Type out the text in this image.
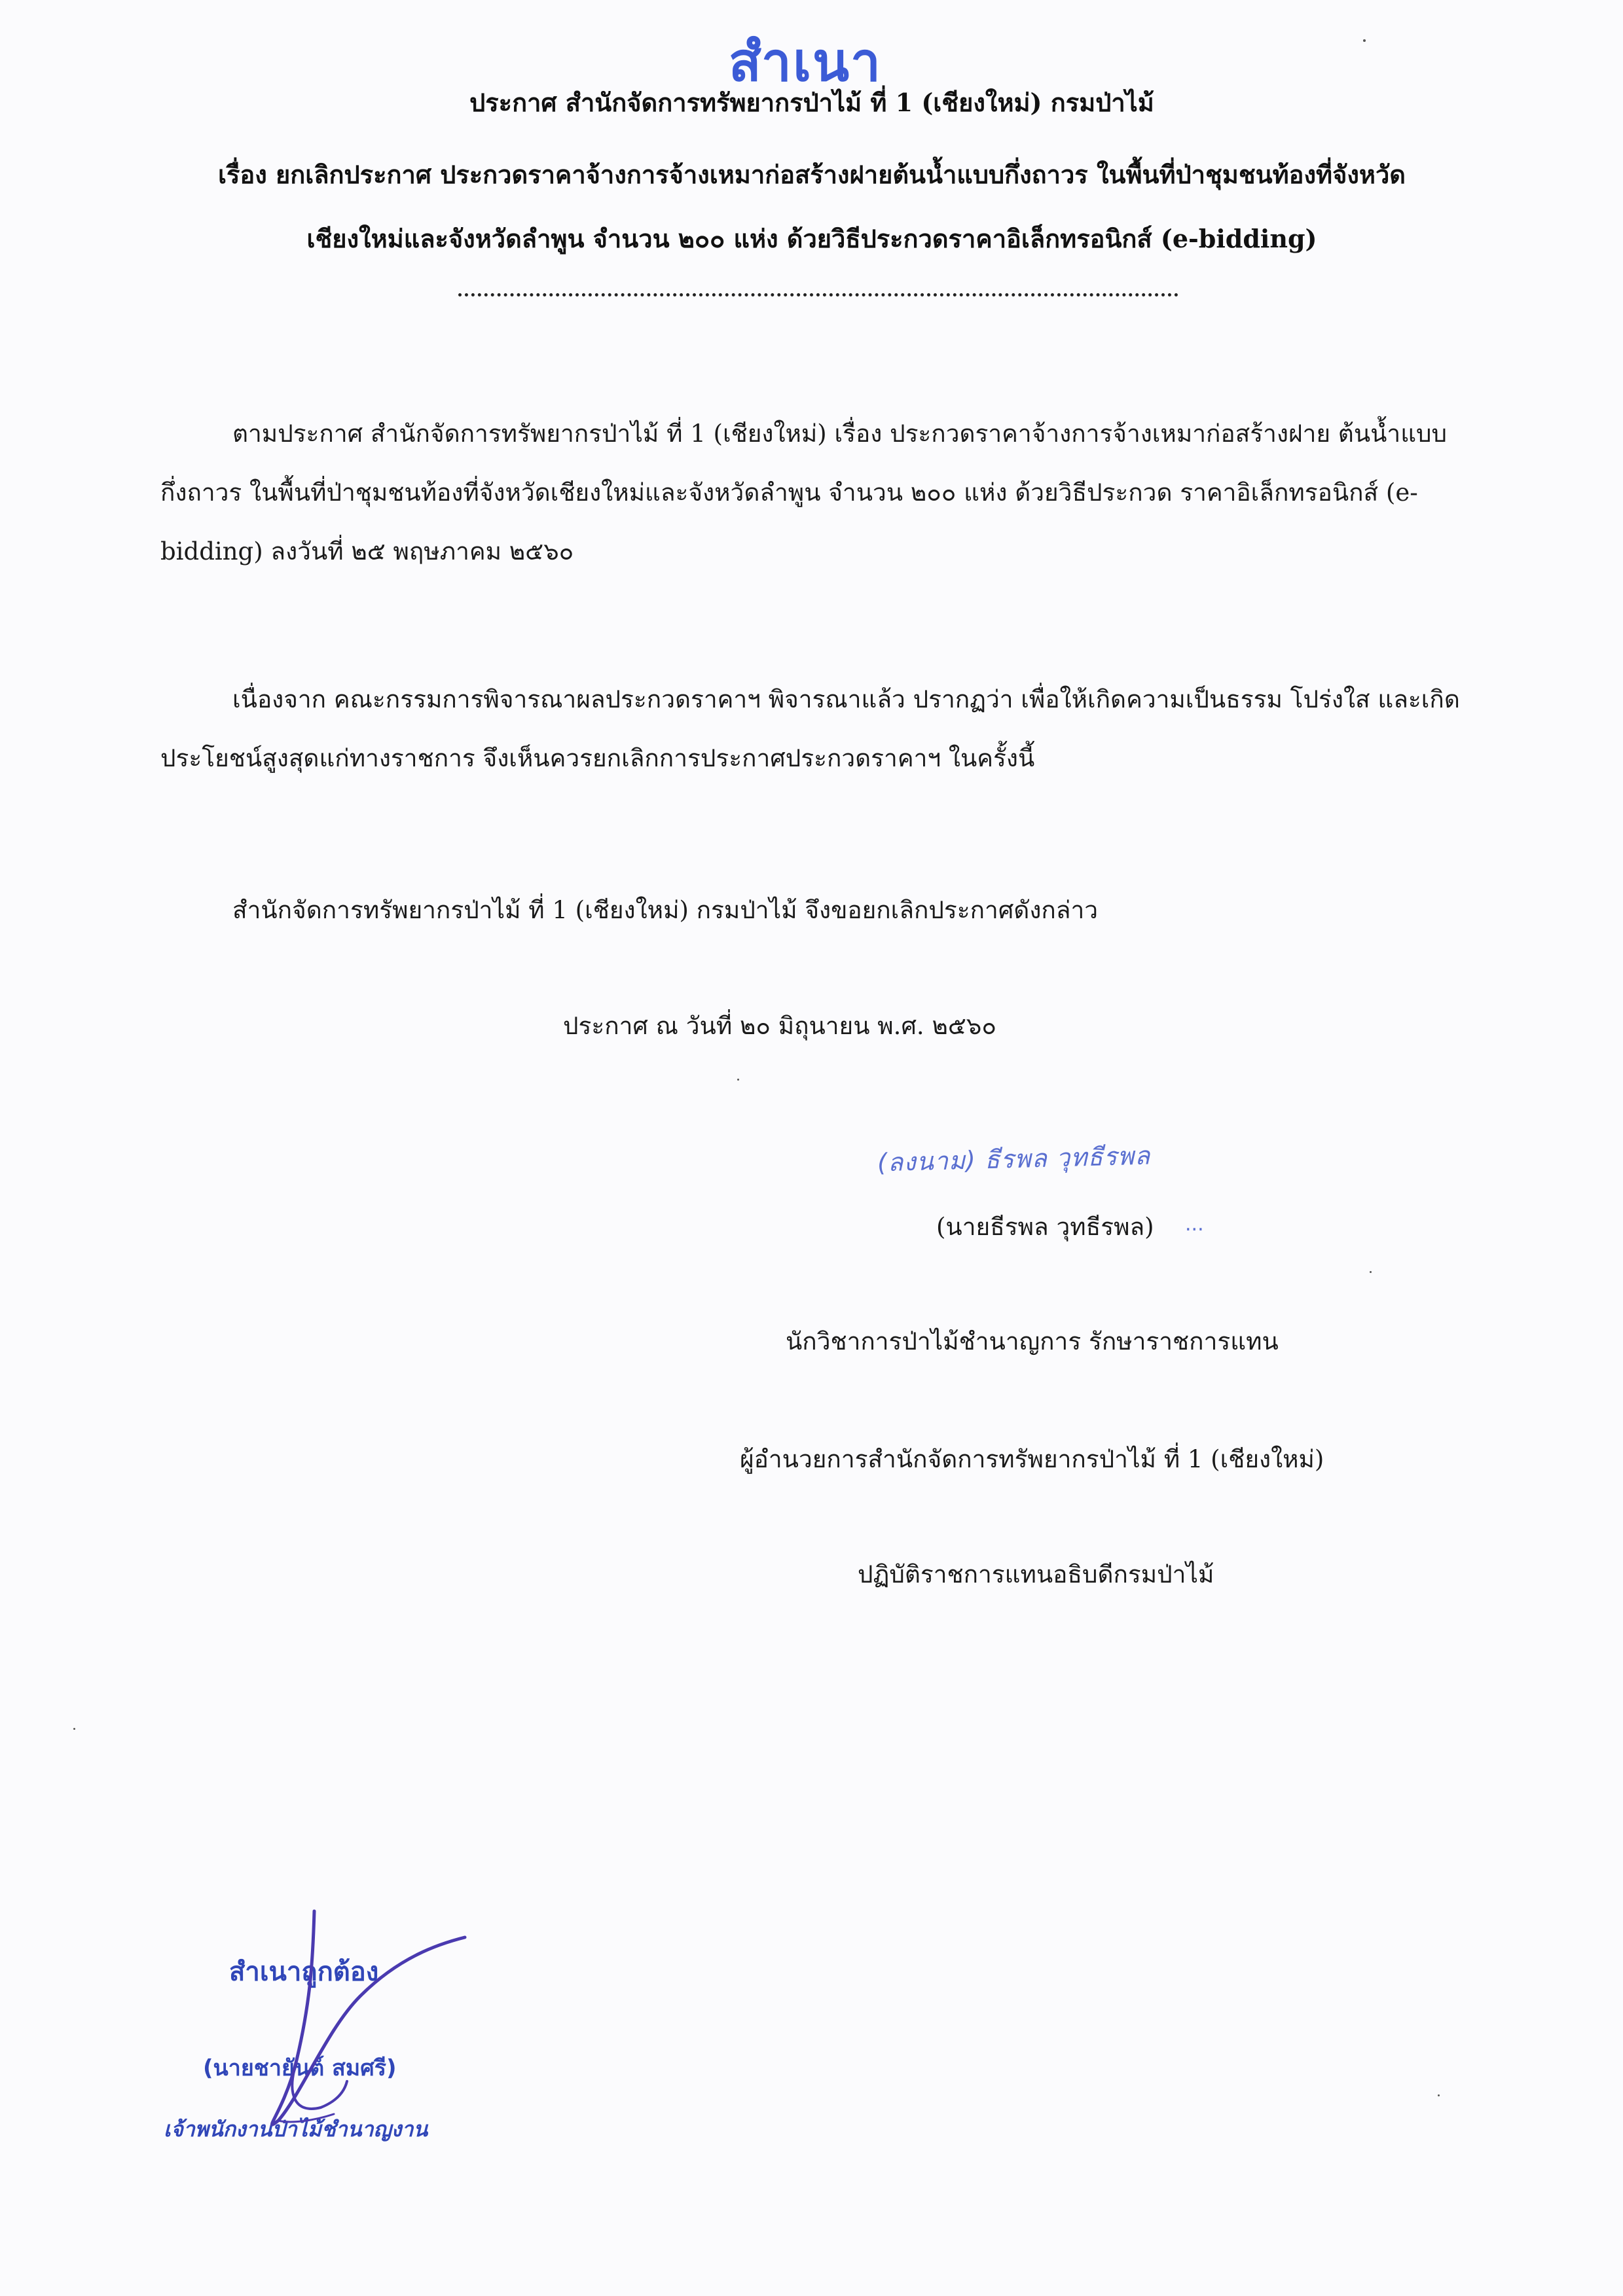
สำเนา
ประกาศ สำนักจัดการทรัพยากรป่าไม้ ที่ 1 (เชียงใหม่) กรมป่าไม้
เรื่อง ยกเลิกประกาศ ประกวดราคาจ้างการจ้างเหมาก่อสร้างฝายต้นน้ำแบบกึ่งถาวร ในพื้นที่ป่าชุมชนท้องที่จังหวัด
เชียงใหม่และจังหวัดลำพูน จำนวน ๒๐๐ แห่ง ด้วยวิธีประกวดราคาอิเล็กทรอนิกส์ (e-bidding)
ตามประกาศ สำนักจัดการทรัพยากรป่าไม้ ที่ 1 (เชียงใหม่) เรื่อง ประกวดราคาจ้างการจ้างเหมาก่อสร้างฝาย ต้นน้ำแบบกึ่งถาวร ในพื้นที่ป่าชุมชนท้องที่จังหวัดเชียงใหม่และจังหวัดลำพูน จำนวน ๒๐๐ แห่ง ด้วยวิธีประกวด ราคาอิเล็กทรอนิกส์ (e-bidding) ลงวันที่ ๒๕ พฤษภาคม ๒๕๖๐
เนื่องจาก คณะกรรมการพิจารณาผลประกวดราคาฯ พิจารณาแล้ว ปรากฏว่า เพื่อให้เกิดความเป็นธรรม โปร่งใส และเกิดประโยชน์สูงสุดแก่ทางราชการ จึงเห็นควรยกเลิกการประกาศประกวดราคาฯ ในครั้งนี้
สำนักจัดการทรัพยากรป่าไม้ ที่ 1 (เชียงใหม่) กรมป่าไม้ จึงขอยกเลิกประกาศดังกล่าว
ประกาศ ณ วันที่ ๒๐ มิถุนายน พ.ศ. ๒๕๖๐
(ลงนาม) ธีรพล วุทธีรพล
...
(นายธีรพล วุทธีรพล)
นักวิชาการป่าไม้ชำนาญการ รักษาราชการแทน
ผู้อำนวยการสำนักจัดการทรัพยากรป่าไม้ ที่ 1 (เชียงใหม่)
ปฏิบัติราชการแทนอธิบดีกรมป่าไม้
สำเนาถูกต้อง
(นายชายันต์ สมศรี)
เจ้าพนักงานป่าไม้ชำนาญงาน
